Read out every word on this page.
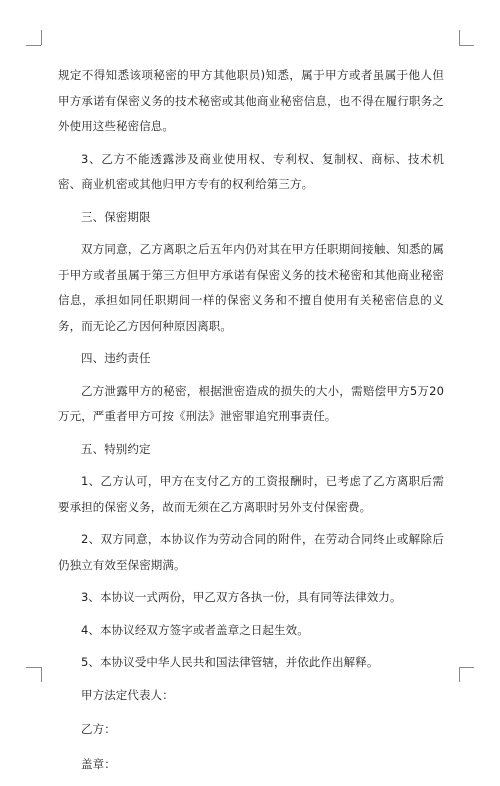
规定不得知悉该项秘密的甲方其他职员)知悉，属于甲方或者虽属于他人但甲方承诺有保密义务的技术秘密或其他商业秘密信息，也不得在履行职务之外使用这些秘密信息。

3、乙方不能透露涉及商业使用权、专利权、复制权、商标、技术机密、商业机密或其他归甲方专有的权利给第三方。

三、保密期限

双方同意，乙方离职之后五年内仍对其在甲方任职期间接触、知悉的属于甲方或者虽属于第三方但甲方承诺有保密义务的技术秘密和其他商业秘密信息，承担如同任职期间一样的保密义务和不擅自使用有关秘密信息的义务，而无论乙方因何种原因离职。

四、违约责任

乙方泄露甲方的秘密，根据泄密造成的损失的大小，需赔偿甲方5万20万元，严重者甲方可按《刑法》泄密罪追究刑事责任。

五、特别约定

1、乙方认可，甲方在支付乙方的工资报酬时，已考虑了乙方离职后需要承担的保密义务，故而无须在乙方离职时另外支付保密费。

2、双方同意，本协议作为劳动合同的附件，在劳动合同终止或解除后仍独立有效至保密期满。

3、本协议一式两份，甲乙双方各执一份，具有同等法律效力。

4、本协议经双方签字或者盖章之日起生效。

5、本协议受中华人民共和国法律管辖，并依此作出解释。

甲方法定代表人：

乙方：

盖章：
